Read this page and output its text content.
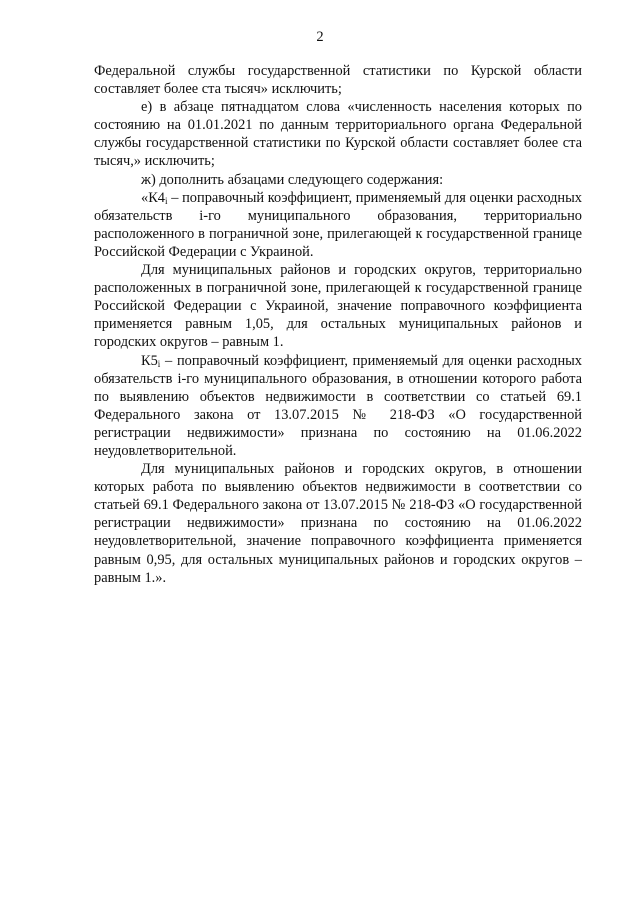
2

Федеральной службы государственной статистики по Курской области составляет более ста тысяч» исключить;

е) в абзаце пятнадцатом слова «численность населения которых по состоянию на 01.01.2021 по данным территориального органа Федеральной службы государственной статистики по Курской области составляет более ста тысяч,» исключить;

ж) дополнить абзацами следующего содержания:

«$К4_i$ – поправочный коэффициент, применяемый для оценки расходных обязательств i-го муниципального образования, территориально расположенного в пограничной зоне, прилегающей к государственной границе Российской Федерации с Украиной.

Для муниципальных районов и городских округов, территориально расположенных в пограничной зоне, прилегающей к государственной границе Российской Федерации с Украиной, значение поправочного коэффициента применяется равным 1,05, для остальных муниципальных районов и городских округов – равным 1.

$К5_i$ – поправочный коэффициент, применяемый для оценки расходных обязательств i-го муниципального образования, в отношении которого работа по выявлению объектов недвижимости в соответствии со статьей 69.1 Федерального закона от 13.07.2015 № 218-ФЗ «О государственной регистрации недвижимости» признана по состоянию на 01.06.2022 неудовлетворительной.

Для муниципальных районов и городских округов, в отношении которых работа по выявлению объектов недвижимости в соответствии со статьей 69.1 Федерального закона от 13.07.2015 № 218-ФЗ «О государственной регистрации недвижимости» признана по состоянию на 01.06.2022 неудовлетворительной, значение поправочного коэффициента применяется равным 0,95, для остальных муниципальных районов и городских округов – равным 1.».
